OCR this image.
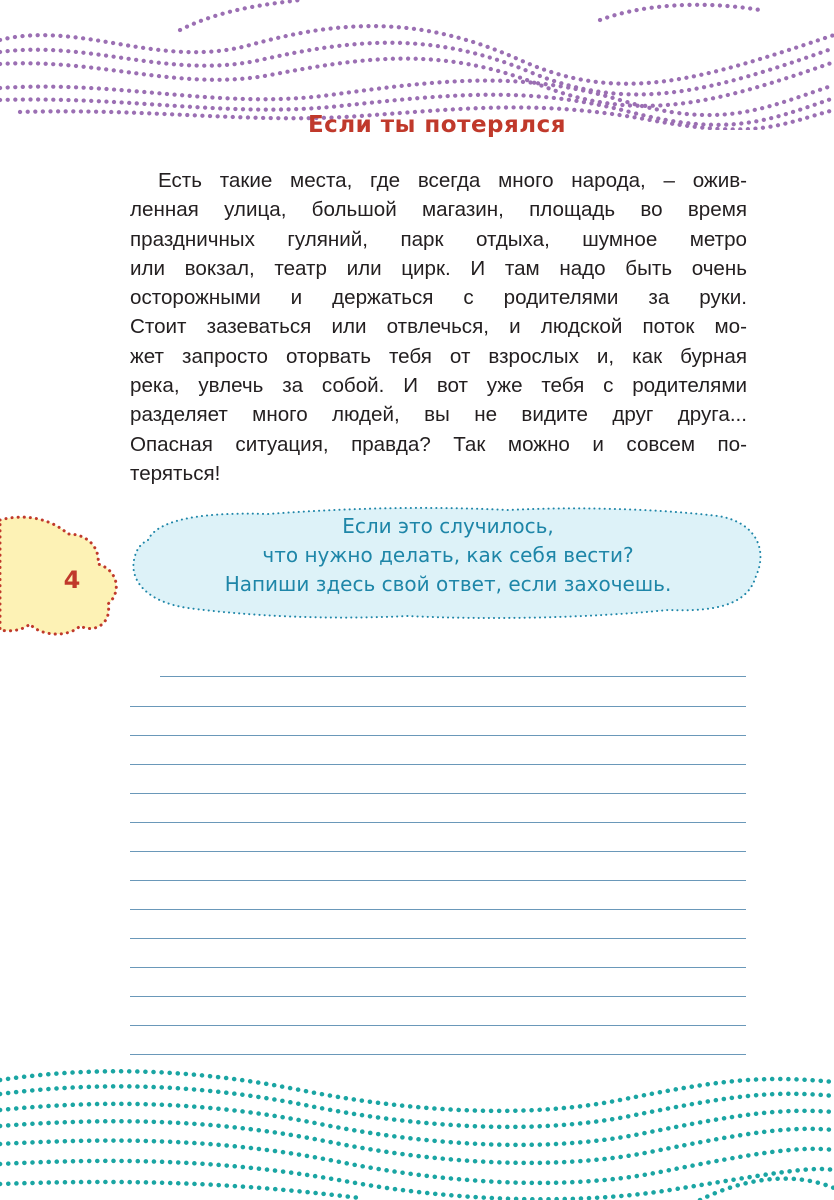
Если ты потерялся

Есть такие места, где всегда много народа, – ожив-
ленная улица, большой магазин, площадь во время
праздничных гуляний, парк отдыха, шумное метро
или вокзал, театр или цирк. И там надо быть очень
осторожными и держаться с родителями за руки.
Стоит зазеваться или отвлечься, и людской поток мо-
жет запросто оторвать тебя от взрослых и, как бурная
река, увлечь за собой. И вот уже тебя с родителями
разделяет много людей, вы не видите друг друга...
Опасная ситуация, правда? Так можно и совсем по-
теряться!

4
Если это случилось,
что нужно делать, как себя вести?
Напиши здесь свой ответ, если захочешь.
